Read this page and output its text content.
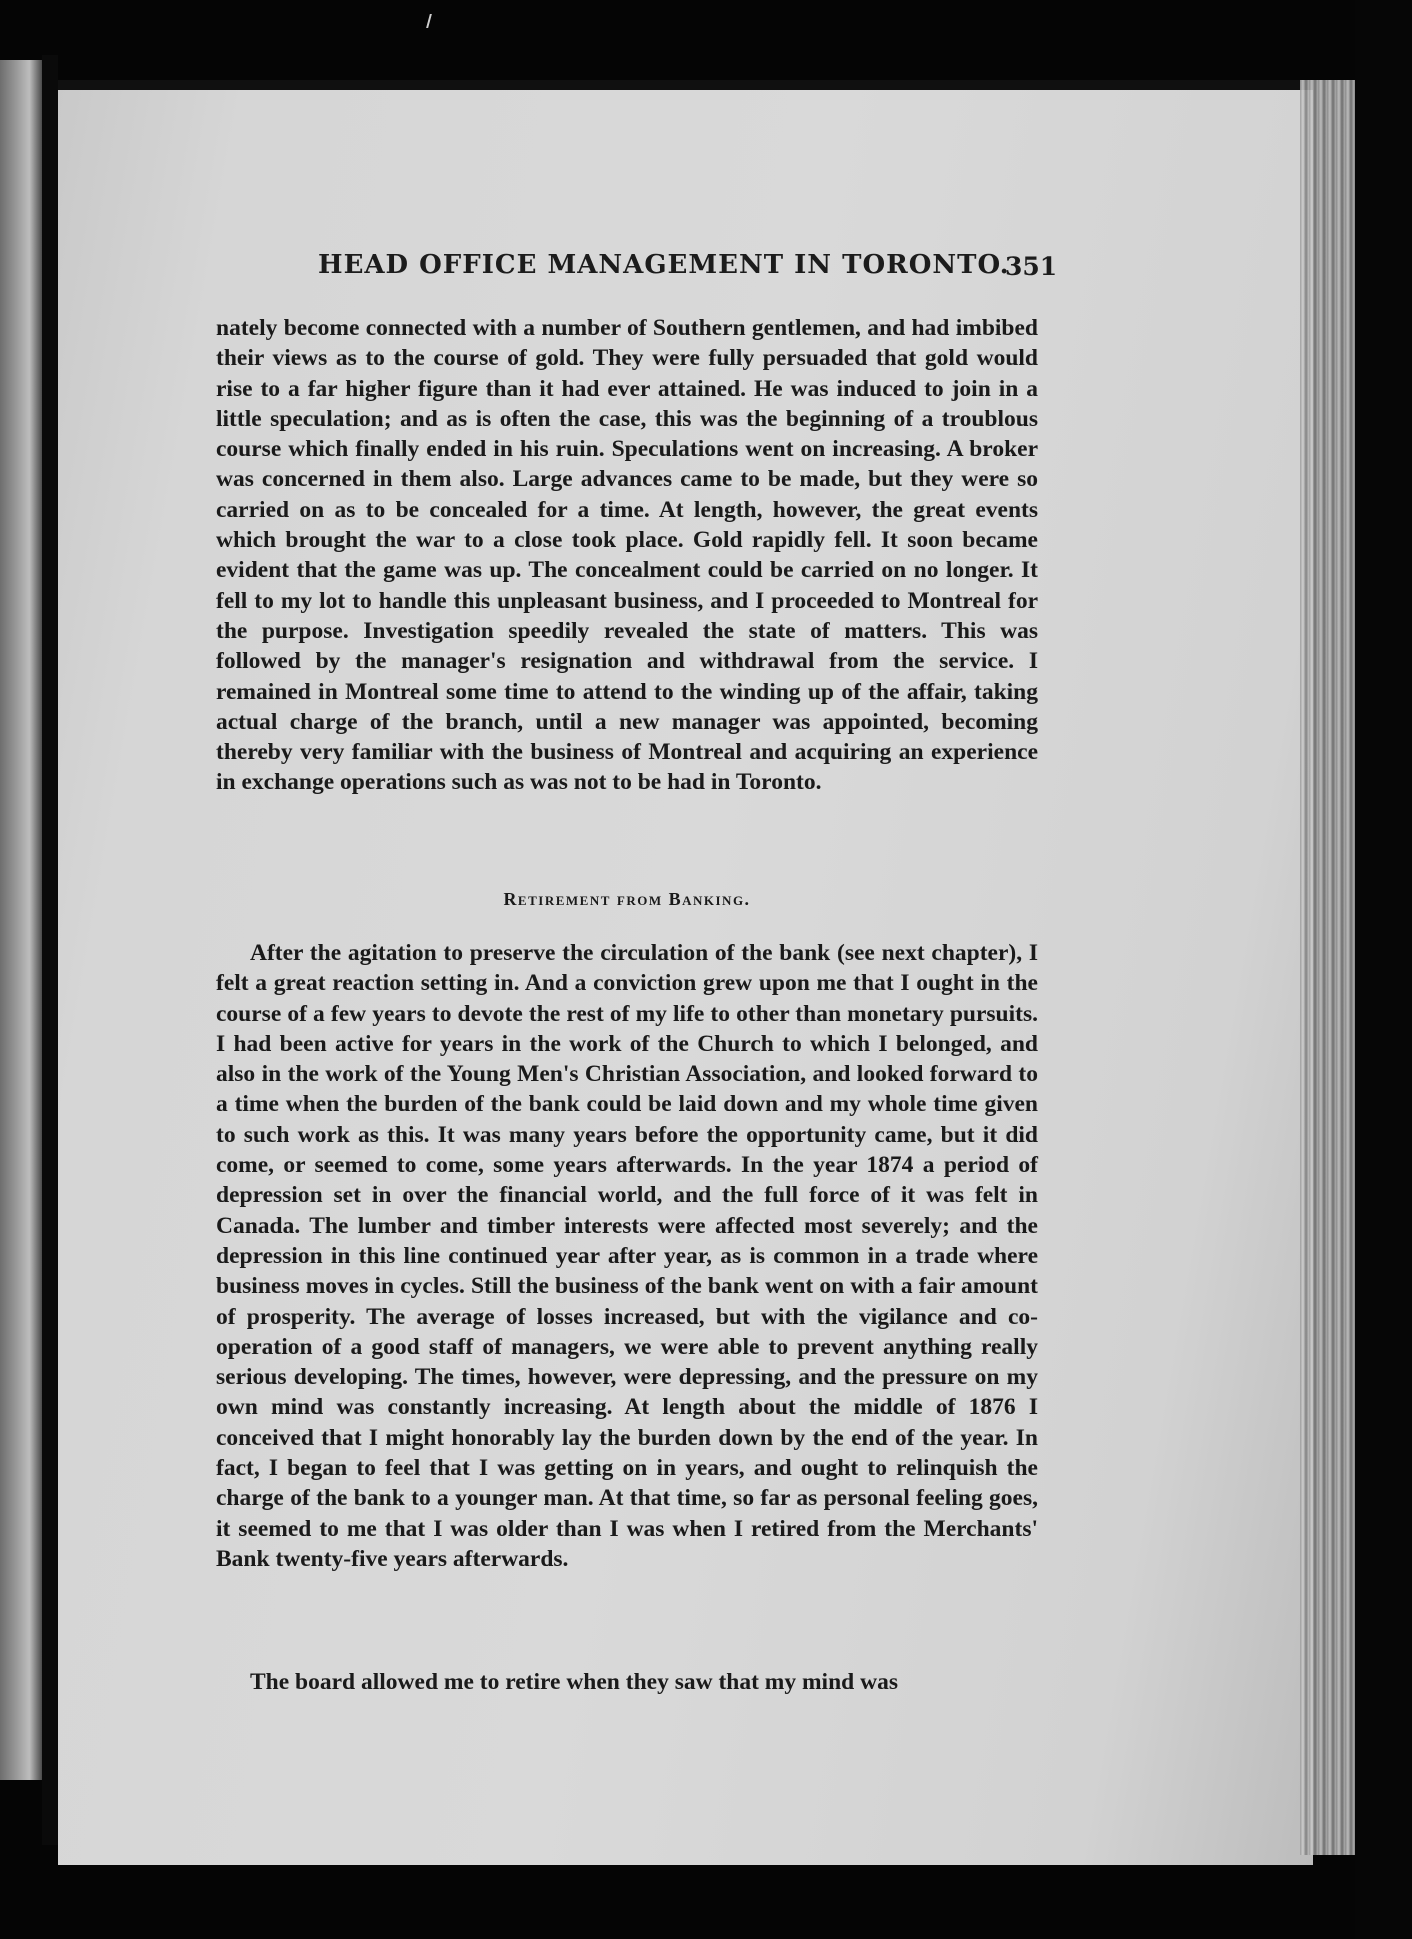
HEAD OFFICE MANAGEMENT IN TORONTO.
351
nately become connected with a number of Southern gentlemen, and had imbibed their views as to the course of gold. They were fully persuaded that gold would rise to a far higher figure than it had ever attained. He was induced to join in a little speculation; and as is often the case, this was the beginning of a troublous course which finally ended in his ruin. Speculations went on increasing. A broker was concerned in them also. Large advances came to be made, but they were so carried on as to be concealed for a time. At length, however, the great events which brought the war to a close took place. Gold rapidly fell. It soon became evident that the game was up. The concealment could be carried on no longer. It fell to my lot to handle this unpleasant business, and I proceeded to Montreal for the purpose. Investigation speedily revealed the state of matters. This was followed by the manager's resignation and withdrawal from the service. I remained in Montreal some time to attend to the winding up of the affair, taking actual charge of the branch, until a new manager was appointed, becoming thereby very familiar with the business of Montreal and acquiring an experience in exchange operations such as was not to be had in Toronto.
Retirement from Banking.
After the agitation to preserve the circulation of the bank (see next chapter), I felt a great reaction setting in. And a conviction grew upon me that I ought in the course of a few years to devote the rest of my life to other than monetary pursuits. I had been active for years in the work of the Church to which I belonged, and also in the work of the Young Men's Christian Association, and looked forward to a time when the burden of the bank could be laid down and my whole time given to such work as this. It was many years before the opportunity came, but it did come, or seemed to come, some years afterwards. In the year 1874 a period of depression set in over the financial world, and the full force of it was felt in Canada. The lumber and timber interests were affected most severely; and the depression in this line continued year after year, as is common in a trade where business moves in cycles. Still the business of the bank went on with a fair amount of prosperity. The average of losses increased, but with the vigilance and co-operation of a good staff of managers, we were able to prevent anything really serious developing. The times, however, were depressing, and the pressure on my own mind was constantly increasing. At length about the middle of 1876 I conceived that I might honorably lay the burden down by the end of the year. In fact, I began to feel that I was getting on in years, and ought to relinquish the charge of the bank to a younger man. At that time, so far as personal feeling goes, it seemed to me that I was older than I was when I retired from the Merchants' Bank twenty-five years afterwards.
The board allowed me to retire when they saw that my mind was
